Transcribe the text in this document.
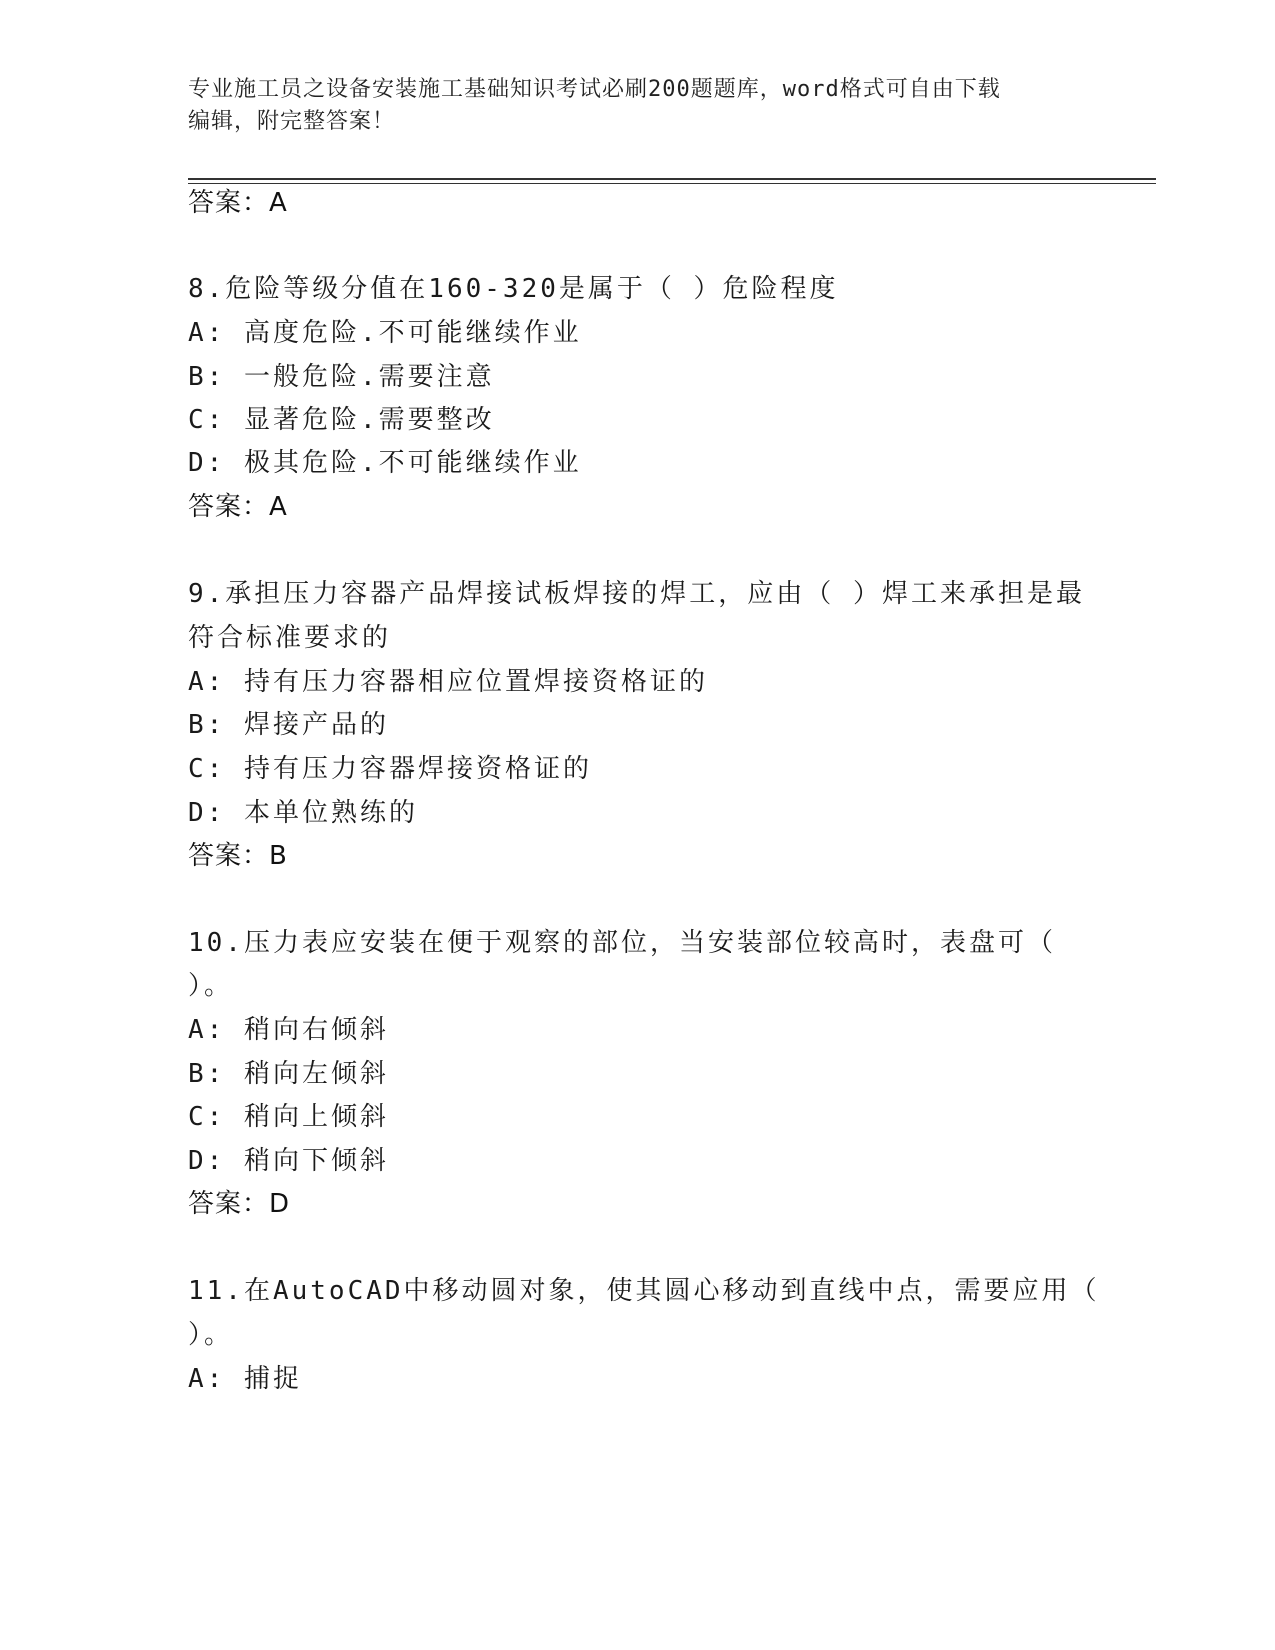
专业施工员之设备安装施工基础知识考试必刷200题题库，word格式可自由下载
编辑，附完整答案！
答案：A
8.危险等级分值在160-320是属于（ ）危险程度
A: 高度危险.不可能继续作业
B: 一般危险.需要注意
C: 显著危险.需要整改
D: 极其危险.不可能继续作业
答案：A
9.承担压力容器产品焊接试板焊接的焊工，应由（ ）焊工来承担是最
符合标准要求的
A: 持有压力容器相应位置焊接资格证的
B: 焊接产品的
C: 持有压力容器焊接资格证的
D: 本单位熟练的
答案：B
10.压力表应安装在便于观察的部位，当安装部位较高时，表盘可（
）。
A: 稍向右倾斜
B: 稍向左倾斜
C: 稍向上倾斜
D: 稍向下倾斜
答案：D
11.在AutoCAD中移动圆对象，使其圆心移动到直线中点，需要应用（
）。
A: 捕捉
